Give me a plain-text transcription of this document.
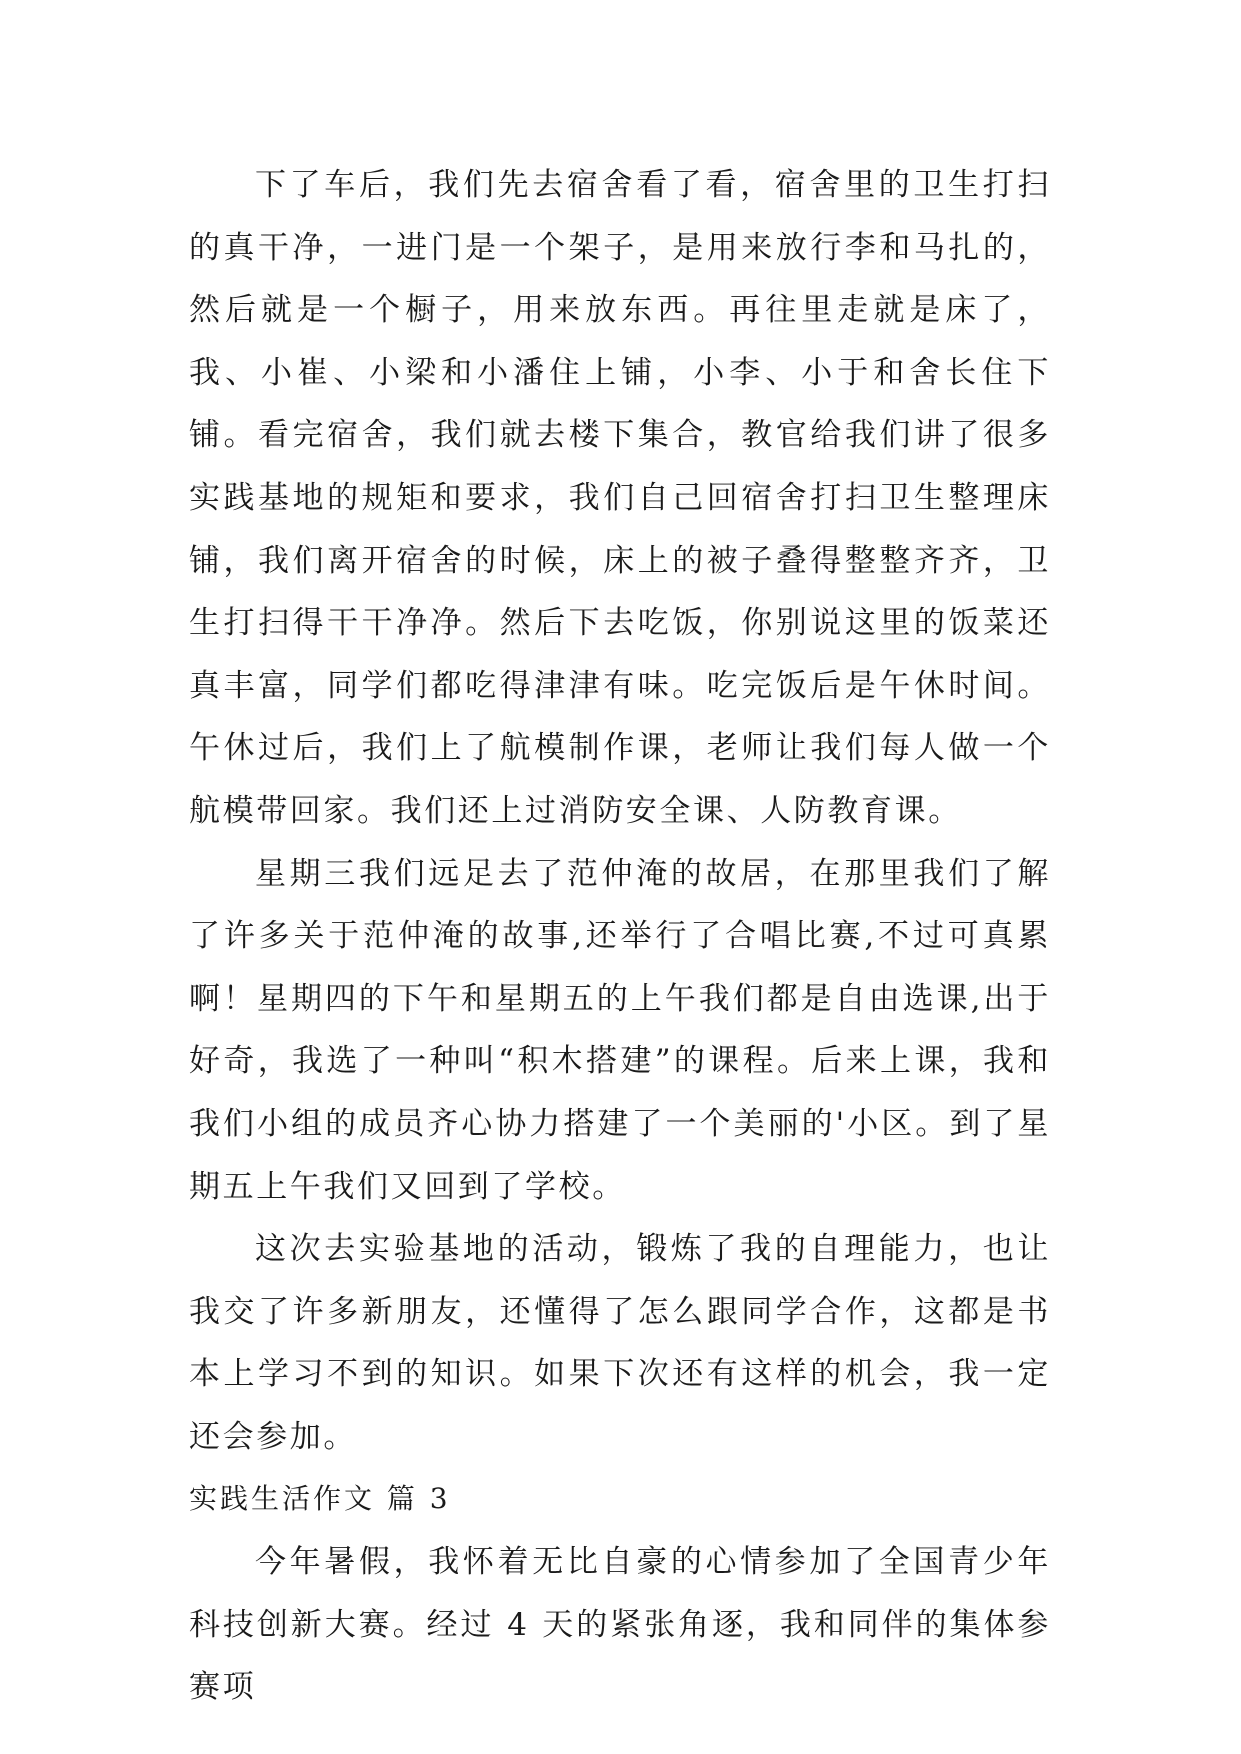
下了车后，我们先去宿舍看了看，宿舍里的卫生打扫的真干净，一进门是一个架子，是用来放行李和马扎的，然后就是一个橱子，用来放东西。再往里走就是床了，我、小崔、小梁和小潘住上铺，小李、小于和舍长住下铺。看完宿舍，我们就去楼下集合，教官给我们讲了很多实践基地的规矩和要求，我们自己回宿舍打扫卫生整理床铺，我们离开宿舍的时候，床上的被子叠得整整齐齐，卫生打扫得干干净净。然后下去吃饭，你别说这里的饭菜还真丰富，同学们都吃得津津有味。吃完饭后是午休时间。午休过后，我们上了航模制作课，老师让我们每人做一个航模带回家。我们还上过消防安全课、人防教育课。

星期三我们远足去了范仲淹的故居，在那里我们了解了许多关于范仲淹的故事,还举行了合唱比赛,不过可真累啊！星期四的下午和星期五的上午我们都是自由选课,出于好奇，我选了一种叫“积木搭建”的课程。后来上课，我和我们小组的成员齐心协力搭建了一个美丽的'小区。到了星期五上午我们又回到了学校。

这次去实验基地的活动，锻炼了我的自理能力，也让我交了许多新朋友，还懂得了怎么跟同学合作，这都是书本上学习不到的知识。如果下次还有这样的机会，我一定还会参加。

实践生活作文 篇 3

今年暑假，我怀着无比自豪的心情参加了全国青少年科技创新大赛。经过 4 天的紧张角逐，我和同伴的集体参赛项
